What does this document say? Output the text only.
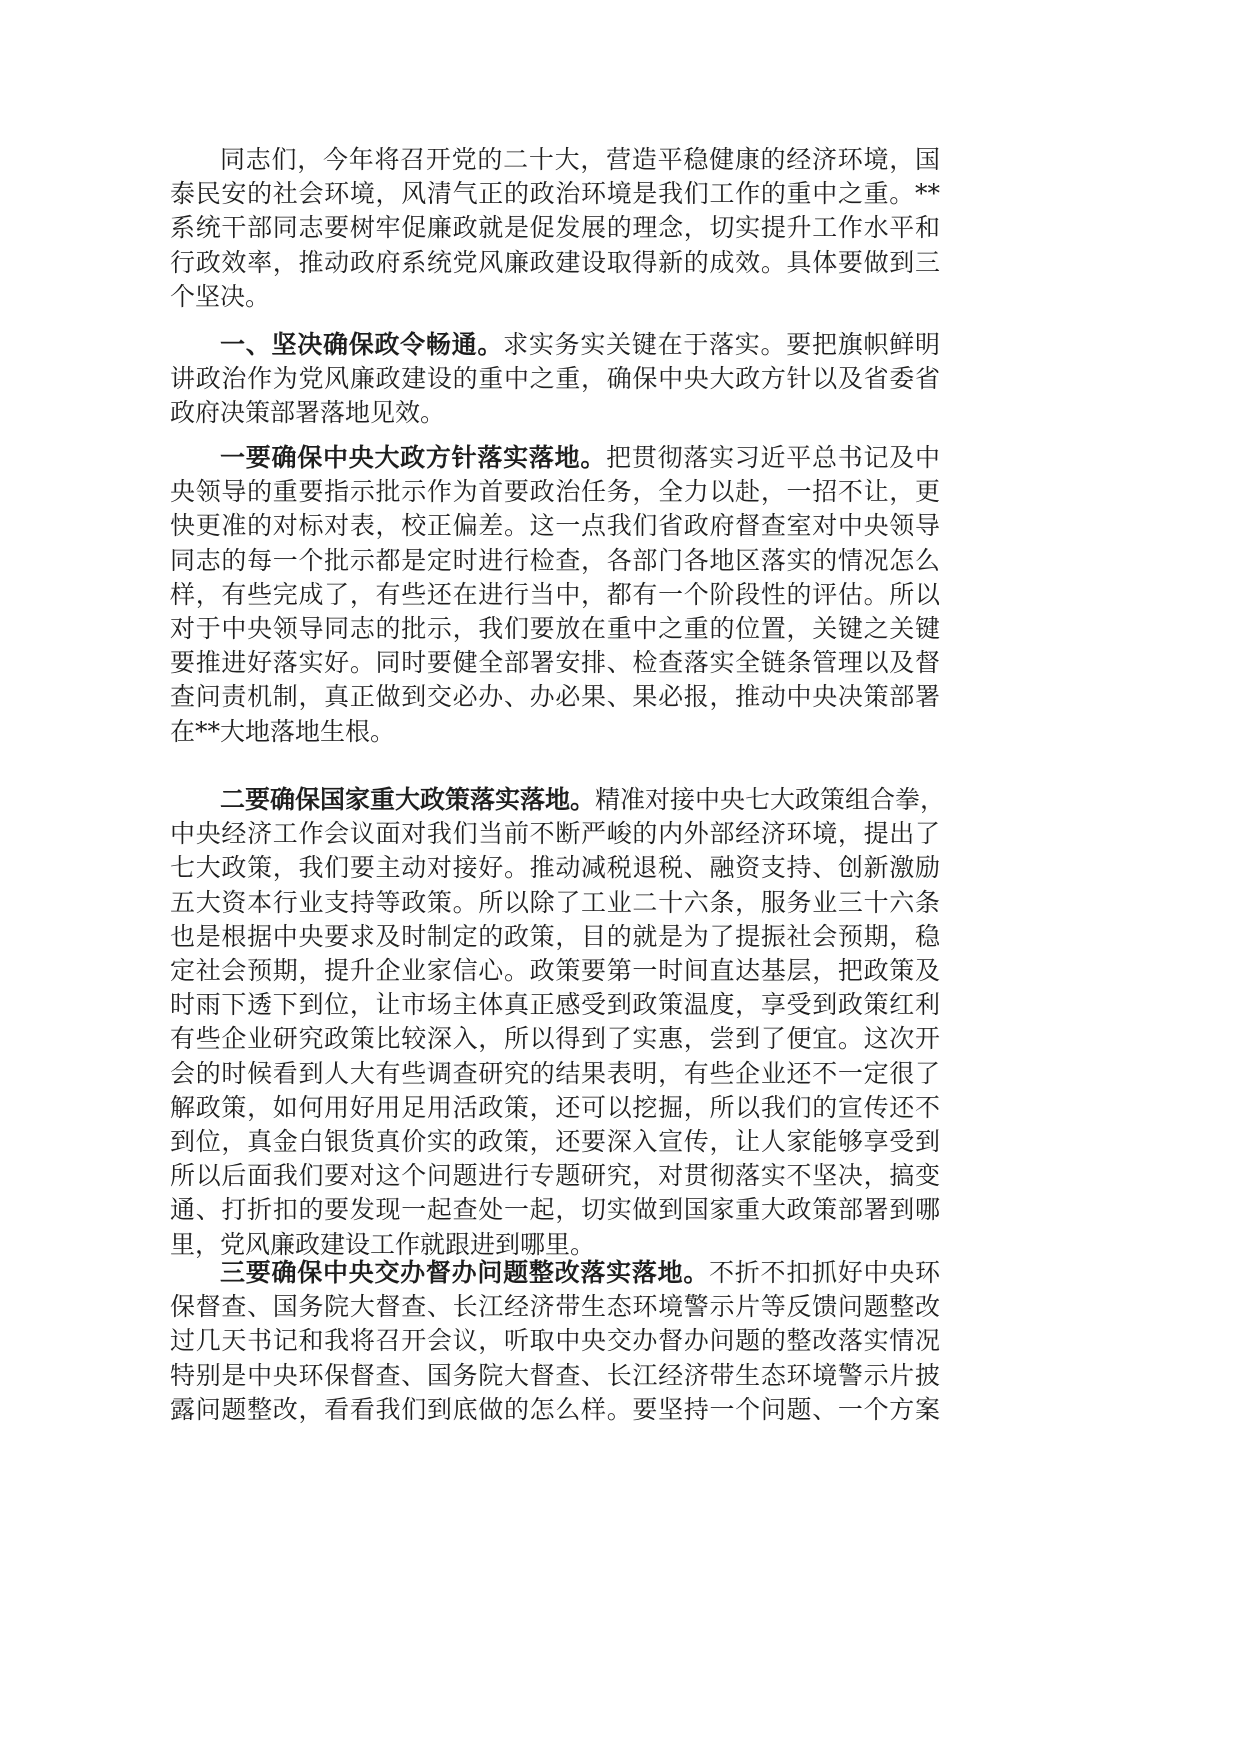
同志们，今年将召开党的二十大，营造平稳健康的经济环境，国
泰民安的社会环境，风清气正的政治环境是我们工作的重中之重。**
系统干部同志要树牢促廉政就是促发展的理念，切实提升工作水平和
行政效率，推动政府系统党风廉政建设取得新的成效。具体要做到三
个坚决。
一、坚决确保政令畅通。求实务实关键在于落实。要把旗帜鲜明
讲政治作为党风廉政建设的重中之重，确保中央大政方针以及省委省
政府决策部署落地见效。
一要确保中央大政方针落实落地。把贯彻落实习近平总书记及中
央领导的重要指示批示作为首要政治任务，全力以赴，一招不让，更
快更准的对标对表，校正偏差。这一点我们省政府督查室对中央领导
同志的每一个批示都是定时进行检查，各部门各地区落实的情况怎么
样，有些完成了，有些还在进行当中，都有一个阶段性的评估。所以
对于中央领导同志的批示，我们要放在重中之重的位置，关键之关键
要推进好落实好。同时要健全部署安排、检查落实全链条管理以及督
查问责机制，真正做到交必办、办必果、果必报，推动中央决策部署
在**大地落地生根。
二要确保国家重大政策落实落地。精准对接中央七大政策组合拳，
中央经济工作会议面对我们当前不断严峻的内外部经济环境，提出了
七大政策，我们要主动对接好。推动减税退税、融资支持、创新激励
五大资本行业支持等政策。所以除了工业二十六条，服务业三十六条
也是根据中央要求及时制定的政策，目的就是为了提振社会预期，稳
定社会预期，提升企业家信心。政策要第一时间直达基层，把政策及
时雨下透下到位，让市场主体真正感受到政策温度，享受到政策红利
有些企业研究政策比较深入，所以得到了实惠，尝到了便宜。这次开
会的时候看到人大有些调查研究的结果表明，有些企业还不一定很了
解政策，如何用好用足用活政策，还可以挖掘，所以我们的宣传还不
到位，真金白银货真价实的政策，还要深入宣传，让人家能够享受到
所以后面我们要对这个问题进行专题研究，对贯彻落实不坚决，搞变
通、打折扣的要发现一起查处一起，切实做到国家重大政策部署到哪
里，党风廉政建设工作就跟进到哪里。
三要确保中央交办督办问题整改落实落地。不折不扣抓好中央环
保督查、国务院大督查、长江经济带生态环境警示片等反馈问题整改
过几天书记和我将召开会议，听取中央交办督办问题的整改落实情况
特别是中央环保督查、国务院大督查、长江经济带生态环境警示片披
露问题整改，看看我们到底做的怎么样。要坚持一个问题、一个方案
